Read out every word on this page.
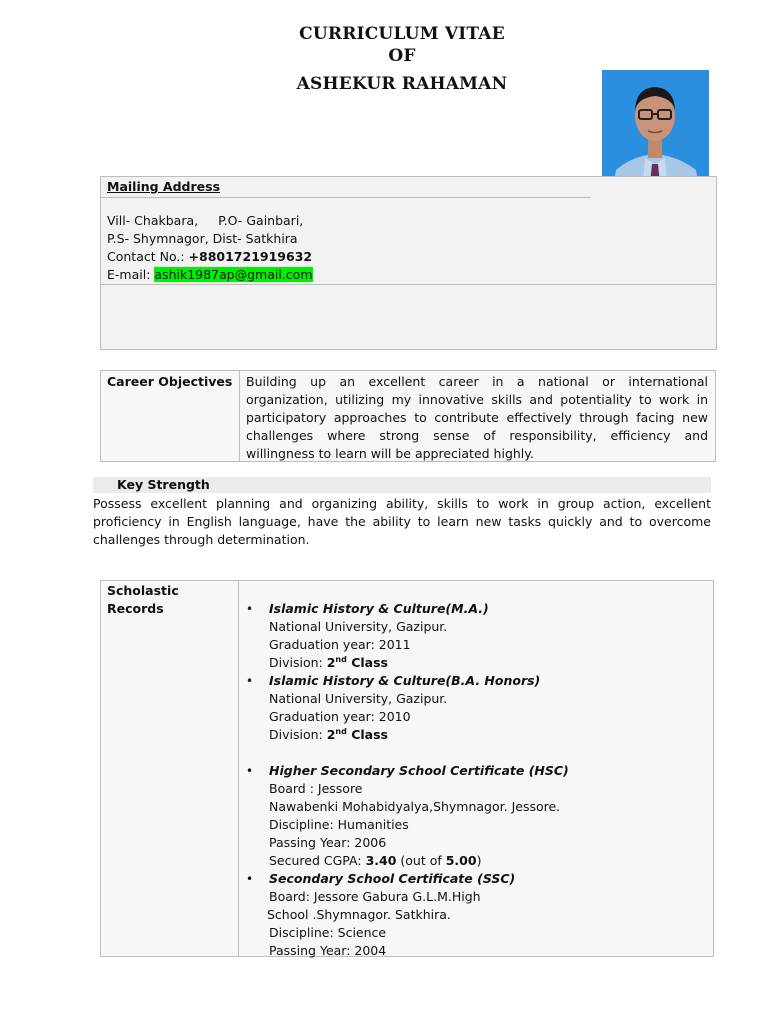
CURRICULUM VITAE
OF
ASHEKUR RAHAMAN
Mailing Address
Vill- Chakbara, P.O- Gainbari,
P.S- Shymnagor, Dist- Satkhira
Contact No.: +8801721919632
E-mail: ashik1987ap@gmail.com
Career Objectives Building up an excellent career in a national or international organization, utilizing my innovative skills and potentiality to work in participatory approaches to contribute effectively through facing new challenges where strong sense of responsibility, efficiency and willingness to learn will be appreciated highly.
Key Strength
Possess excellent planning and organizing ability, skills to work in group action, excellent proficiency in English language, have the ability to learn new tasks quickly and to overcome challenges through determination.
Scholastic Records	• Islamic History & Culture(M.A.)
National University, Gazipur.
Graduation year: 2011
Division: 2nd Class
• Islamic History & Culture(B.A. Honors)
National University, Gazipur.
Graduation year: 2010
Division: 2nd Class
• Higher Secondary School Certificate (HSC)
Board : Jessore
Nawabenki Mohabidyalya,Shymnagor. Jessore.
Discipline: Humanities
Passing Year: 2006
Secured CGPA: 3.40 (out of 5.00)
• Secondary School Certificate (SSC)
Board: Jessore Gabura G.L.M.High
School .Shymnagor. Satkhira.
Discipline: Science
Passing Year: 2004
